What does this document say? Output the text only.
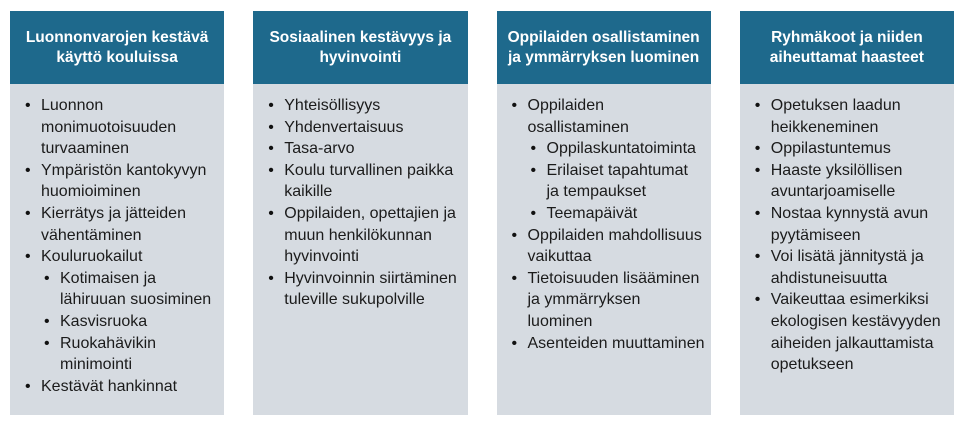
Luonnonvarojen kestävä käyttö kouluissa
• Luonnon monimuotoisuuden turvaaminen
• Ympäristön kantokyvyn huomioiminen
• Kierrätys ja jätteiden vähentäminen
• Kouluruokailut
• Kotimaisen ja lähiruuan suosiminen
• Kasvisruoka
• Ruokahävikin minimointi
• Kestävät hankinnat
Sosiaalinen kestävyys ja hyvinvointi
• Yhteisöllisyys
• Yhdenvertaisuus
• Tasa-arvo
• Koulu turvallinen paikka kaikille
• Oppilaiden, opettajien ja muun henkilökunnan hyvinvointi
• Hyvinvoinnin siirtäminen tuleville sukupolville
Oppilaiden osallistaminen ja ymmärryksen luominen
• Oppilaiden osallistaminen
• Oppilaskuntatoiminta
• Erilaiset tapahtumat ja tempaukset
• Teemapäivät
• Oppilaiden mahdollisuus vaikuttaa
• Tietoisuuden lisääminen ja ymmärryksen luominen
• Asenteiden muuttaminen
Ryhmäkoot ja niiden aiheuttamat haasteet
• Opetuksen laadun heikkeneminen
• Oppilastuntemus
• Haaste yksilöllisen avuntarjoamiselle
• Nostaa kynnystä avun pyytämiseen
• Voi lisätä jännitystä ja ahdistuneisuutta
• Vaikeuttaa esimerkiksi ekologisen kestävyyden aiheiden jalkauttamista opetukseen
